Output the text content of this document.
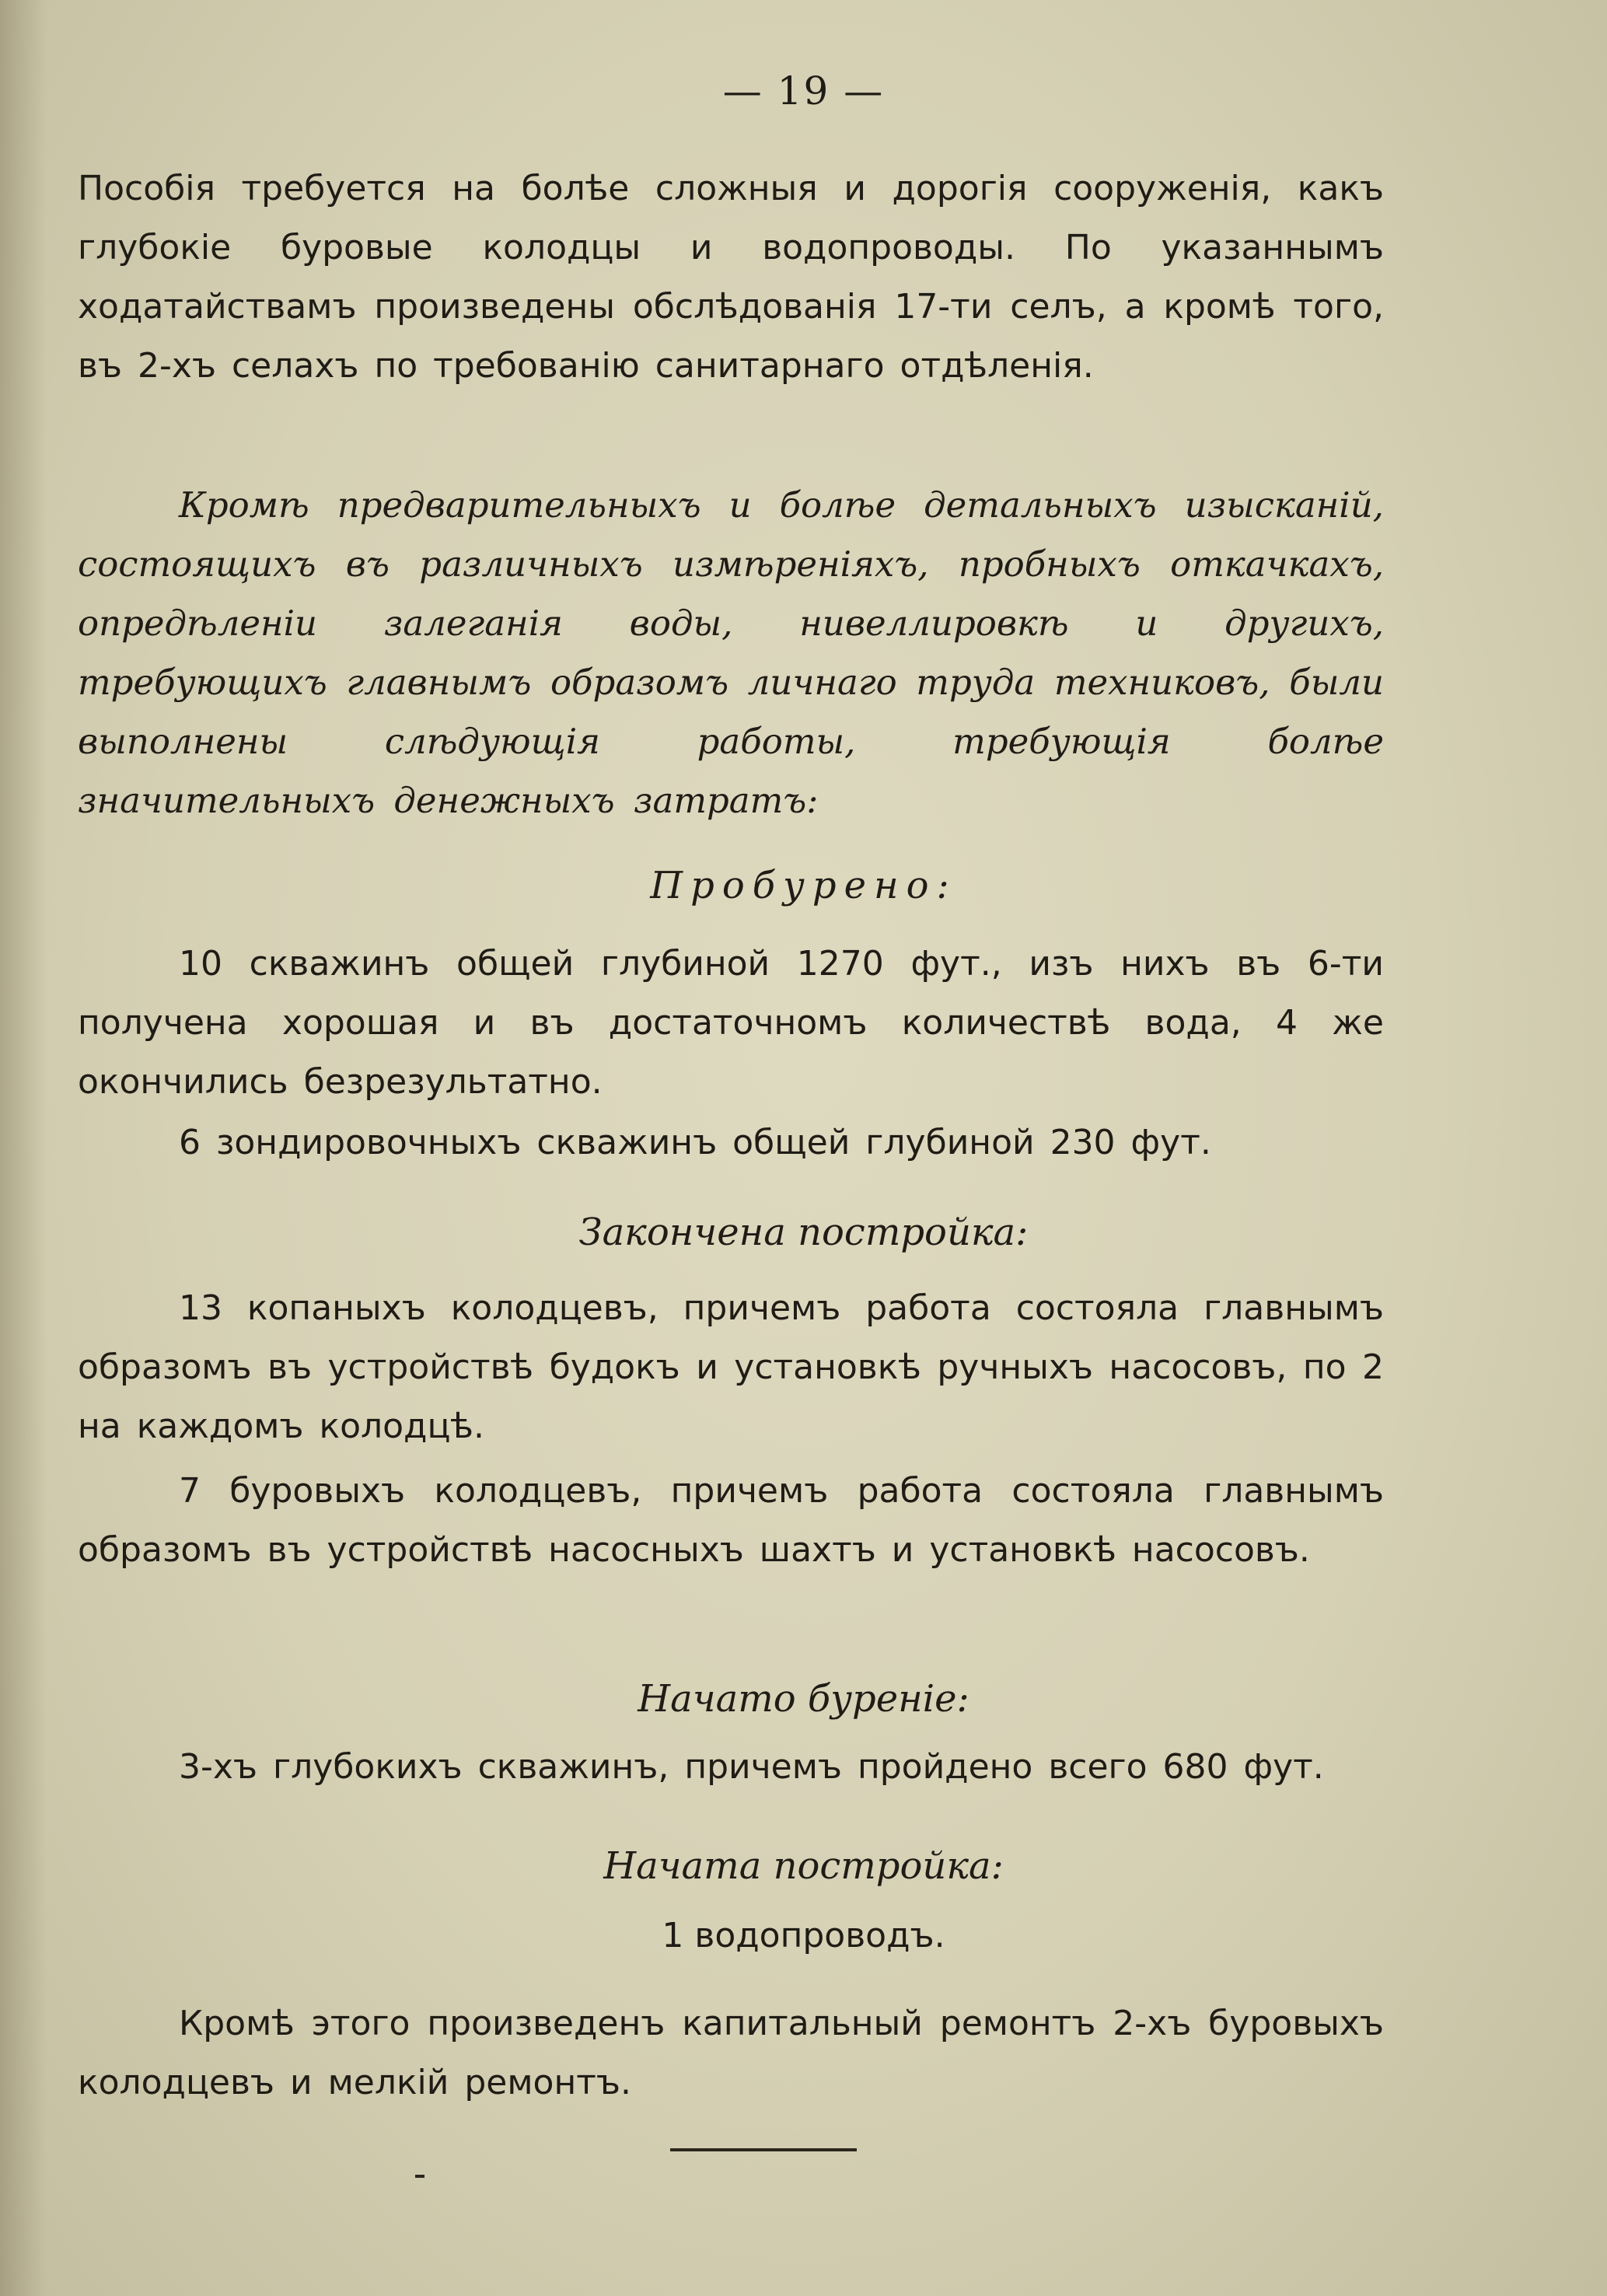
— 19 —
Пособія требуется на болѣе сложныя и дорогія сооруженія, какъ глубокіе буровые колодцы и водопроводы. По указаннымъ ходатайствамъ произведены обслѣдованія 17-ти селъ, а кромѣ того, въ 2-хъ селахъ по требованію санитарнаго отдѣленія.
Кромѣ предварительныхъ и болѣе детальныхъ изысканій, состоящихъ въ различныхъ измѣреніяхъ, пробныхъ откачкахъ, опредѣленіи залеганія воды, нивеллировкѣ и другихъ, требующихъ главнымъ образомъ личнаго труда техниковъ, были выполнены слѣдующія работы, требующія болѣе значительныхъ денежныхъ затратъ:
Пробурено:
10 скважинъ общей глубиной 1270 фут., изъ нихъ въ 6-ти получена хорошая и въ достаточномъ количествѣ вода, 4 же окончились безрезультатно.
6 зондировочныхъ скважинъ общей глубиной 230 фут.
Закончена постройка:
13 копаныхъ колодцевъ, причемъ работа состояла главнымъ образомъ въ устройствѣ будокъ и установкѣ ручныхъ насосовъ, по 2 на каждомъ колодцѣ.
7 буровыхъ колодцевъ, причемъ работа состояла главнымъ образомъ въ устройствѣ насосныхъ шахтъ и установкѣ насосовъ.
Начато буреніе:
3-хъ глубокихъ скважинъ, причемъ пройдено всего 680 фут.
Начата постройка:
1 водопроводъ.
Кромѣ этого произведенъ капитальный ремонтъ 2-хъ буровыхъ колодцевъ и мелкій ремонтъ.
